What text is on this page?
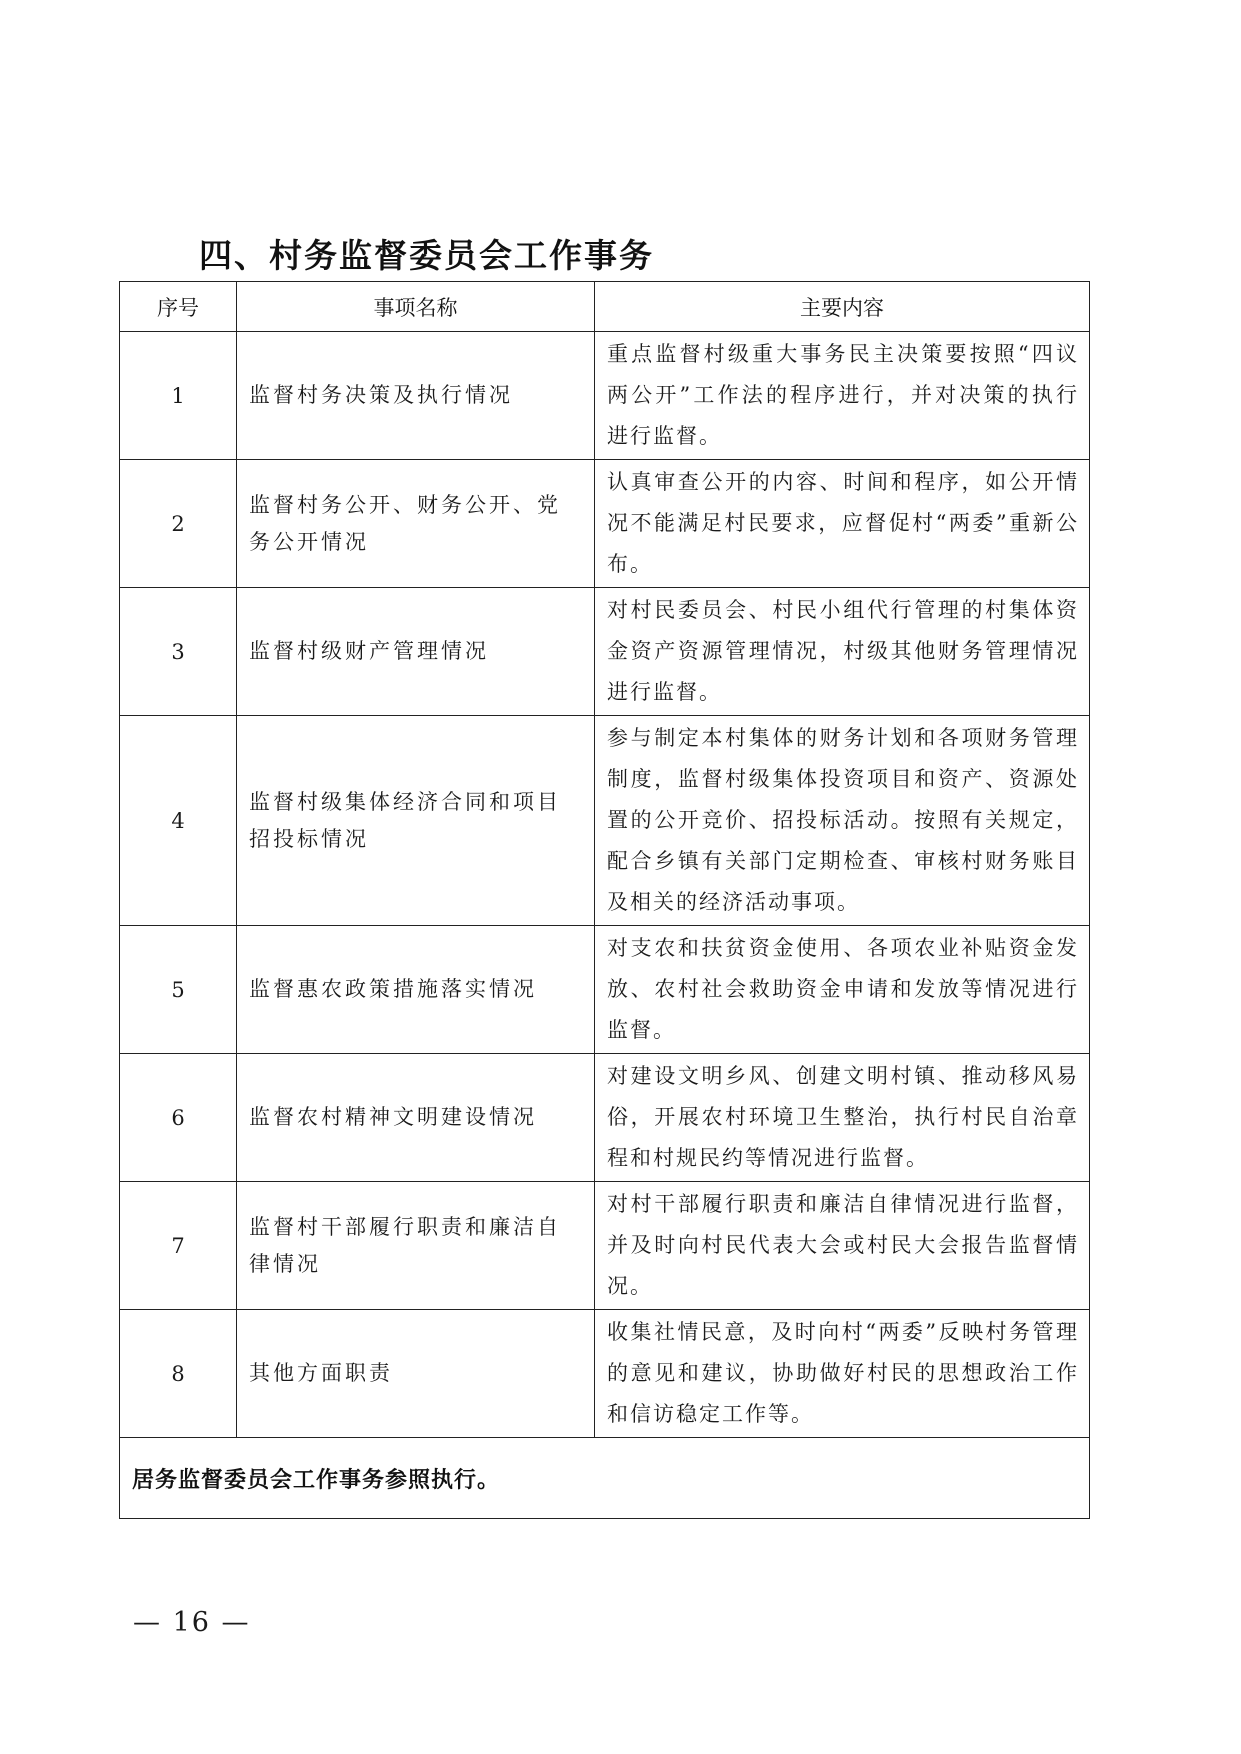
四、村务监督委员会工作事务
序号	事项名称	主要内容
1	监督村务决策及执行情况	重点监督村级重大事务民主决策要按照“四议两公开”工作法的程序进行，并对决策的执行进行监督。
2	监督村务公开、财务公开、党务公开情况	认真审查公开的内容、时间和程序，如公开情况不能满足村民要求，应督促村“两委”重新公布。
3	监督村级财产管理情况	对村民委员会、村民小组代行管理的村集体资金资产资源管理情况，村级其他财务管理情况进行监督。
4	监督村级集体经济合同和项目招投标情况	参与制定本村集体的财务计划和各项财务管理制度，监督村级集体投资项目和资产、资源处置的公开竞价、招投标活动。按照有关规定，配合乡镇有关部门定期检查、审核村财务账目及相关的经济活动事项。
5	监督惠农政策措施落实情况	对支农和扶贫资金使用、各项农业补贴资金发放、农村社会救助资金申请和发放等情况进行监督。
6	监督农村精神文明建设情况	对建设文明乡风、创建文明村镇、推动移风易俗，开展农村环境卫生整治，执行村民自治章程和村规民约等情况进行监督。
7	监督村干部履行职责和廉洁自律情况	对村干部履行职责和廉洁自律情况进行监督，并及时向村民代表大会或村民大会报告监督情况。
8	其他方面职责	收集社情民意，及时向村“两委”反映村务管理的意见和建议，协助做好村民的思想政治工作和信访稳定工作等。
居务监督委员会工作事务参照执行。		
— 16 —
